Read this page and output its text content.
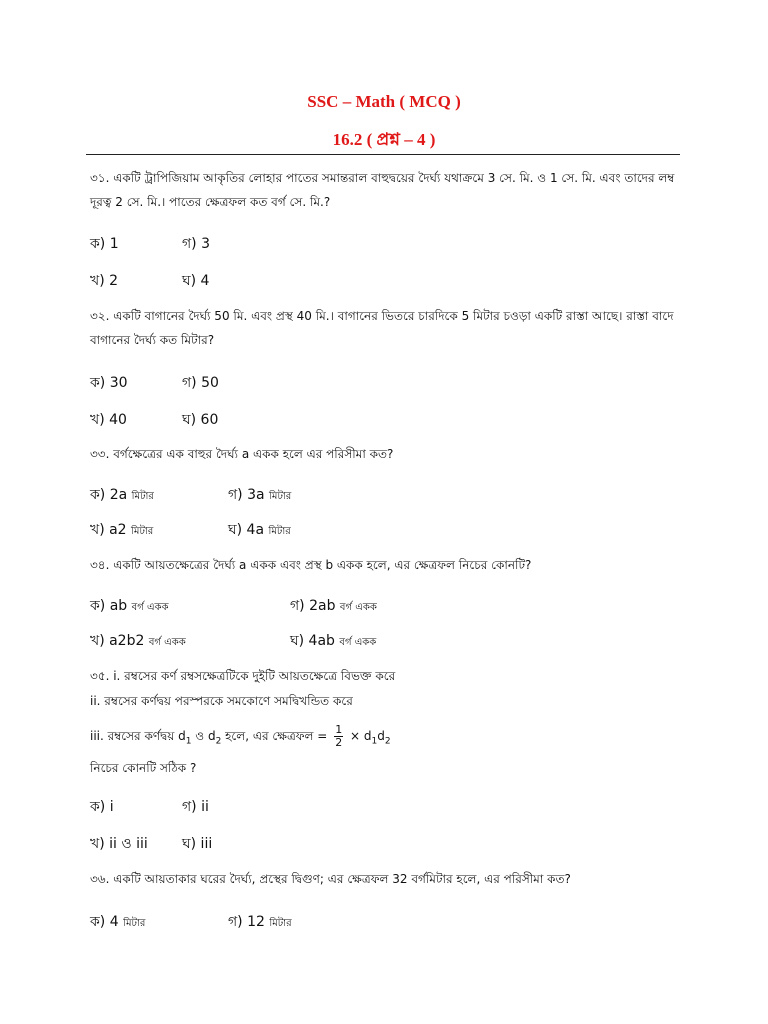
SSC – Math ( MCQ )
16.2 ( প্রশ্ন – 4 )
৩১. একটি ট্রাপিজিয়াম আকৃতির লোহার পাতের সমান্তরাল বাহুদ্বয়ের দৈর্ঘ্য যথাক্রমে 3 সে. মি. ও 1 সে. মি. এবং তাদের লম্ব দূরত্ব 2 সে. মি.। পাতের ক্ষেত্রফল কত বর্গ সে. মি.?
ক) 1	গ) 3
খ) 2	ঘ) 4
৩২. একটি বাগানের দৈর্ঘ্য 50 মি. এবং প্রস্থ 40 মি.। বাগানের ভিতরে চারদিকে 5 মিটার চওড়া একটি রাস্তা আছে। রাস্তা বাদে বাগানের দৈর্ঘ্য কত মিটার?
ক) 30	গ) 50
খ) 40	ঘ) 60
৩৩. বর্গক্ষেত্রের এক বাহুর দৈর্ঘ্য a একক হলে এর পরিসীমা কত?
ক) 2a মিটার	গ) 3a মিটার
খ) a2 মিটার	ঘ) 4a মিটার
৩৪. একটি আয়তক্ষেত্রের দৈর্ঘ্য a একক এবং প্রস্থ b একক হলে, এর ক্ষেত্রফল নিচের কোনটি?
ক) ab বর্গ একক	গ) 2ab বর্গ একক
খ) a2b2 বর্গ একক	ঘ) 4ab বর্গ একক
৩৫. i. রম্বসের কর্ণ রম্বসক্ষেত্রটিকে দুইটি আয়তক্ষেত্রে বিভক্ত করে
ii. রম্বসের কর্ণদ্বয় পরস্পরকে সমকোণে সমদ্বিখন্ডিত করে
iii. রম্বসের কর্ণদ্বয় $d_1$ ও $d_2$ হলে, এর ক্ষেত্রফল = $\frac{1}{2} \times d_1d_2$
নিচের কোনটি সঠিক ?
ক) i	গ) ii
খ) ii ও iii ঘ) iii
৩৬. একটি আয়তাকার ঘরের দৈর্ঘ্য, প্রস্থের দ্বিগুণ; এর ক্ষেত্রফল 32 বর্গমিটার হলে, এর পরিসীমা কত?
ক) 4 মিটার	গ) 12 মিটার
